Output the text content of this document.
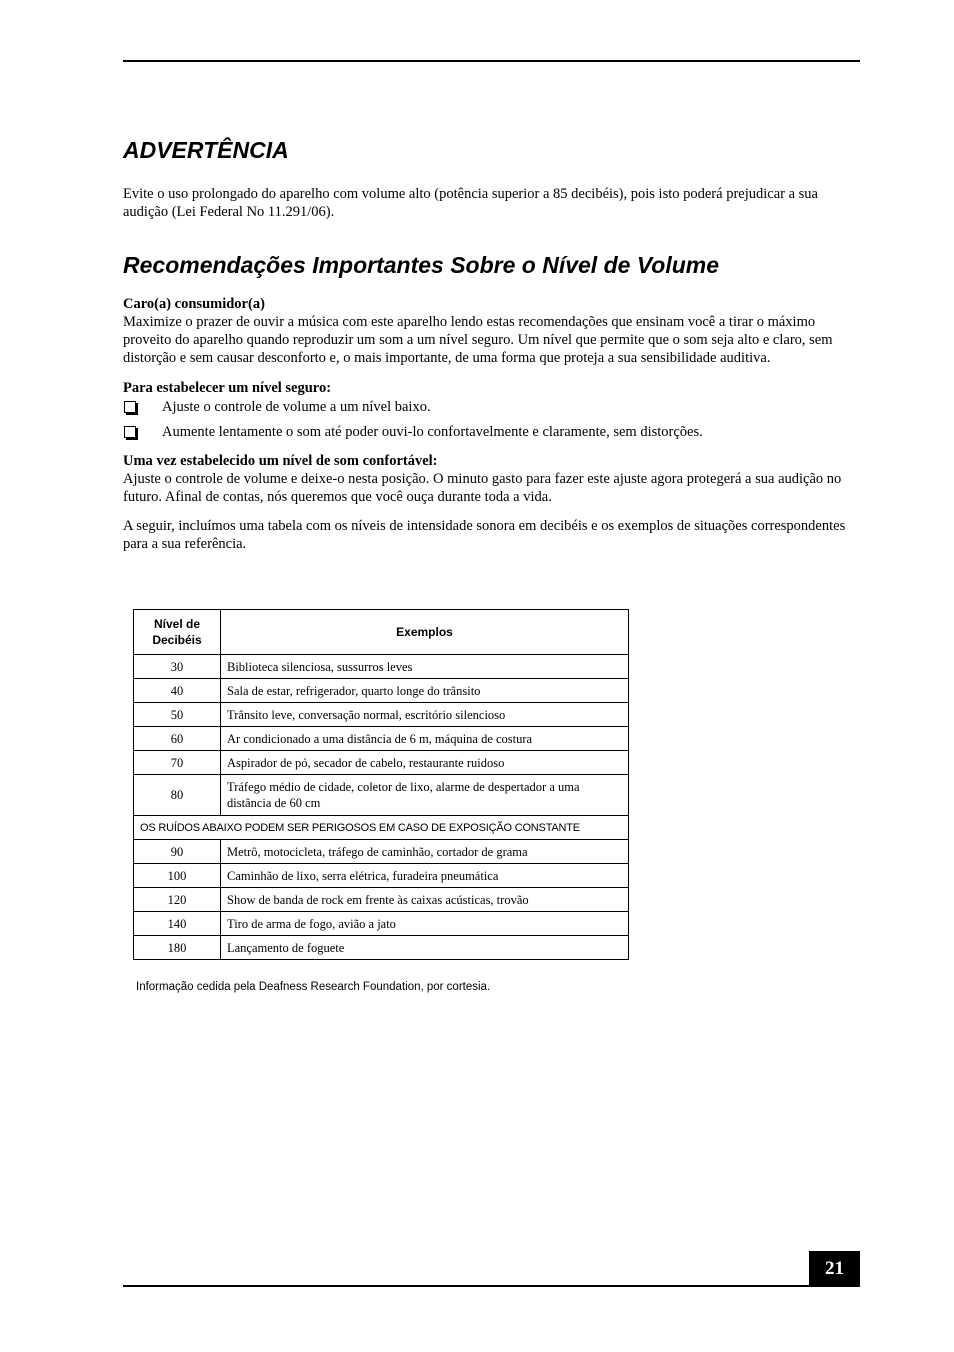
ADVERTÊNCIA

Evite o uso prolongado do aparelho com volume alto (potência superior a 85 decibéis), pois isto poderá prejudicar a sua audição (Lei Federal No 11.291/06).

Recomendações Importantes Sobre o Nível de Volume

Caro(a) consumidor(a)

Maximize o prazer de ouvir a música com este aparelho lendo estas recomendações que ensinam você a tirar o máximo proveito do aparelho quando reproduzir um som a um nível seguro. Um nível que permite que o som seja alto e claro, sem distorção e sem causar desconforto e, o mais importante, de uma forma que proteja a sua sensibilidade auditiva.

Para estabelecer um nível seguro:

Ajuste o controle de volume a um nível baixo.
Aumente lentamente o som até poder ouvi-lo confortavelmente e claramente, sem distorções.

Uma vez estabelecido um nível de som confortável:

Ajuste o controle de volume e deixe-o nesta posição. O minuto gasto para fazer este ajuste agora protegerá a sua audição no futuro. Afinal de contas, nós queremos que você ouça durante toda a vida.

A seguir, incluímos uma tabela com os níveis de intensidade sonora em decibéis e os exemplos de situações correspondentes para a sua referência.

Nível de Decibéis	Exemplos
30	Biblioteca silenciosa, sussurros leves
40	Sala de estar, refrigerador, quarto longe do trânsito
50	Trânsito leve, conversação normal, escritório silencioso
60	Ar condicionado a uma distância de 6 m, máquina de costura
70	Aspirador de pó, secador de cabelo, restaurante ruidoso
80	Tráfego médio de cidade, coletor de lixo, alarme de despertador a uma distância de 60 cm
OS RUÍDOS ABAIXO PODEM SER PERIGOSOS EM CASO DE EXPOSIÇÃO CONSTANTE	
90	Metrô, motocicleta, tráfego de caminhão, cortador de grama
100	Caminhão de lixo, serra elétrica, furadeira pneumática
120	Show de banda de rock em frente às caixas acústicas, trovão
140	Tiro de arma de fogo, avião a jato
180	Lançamento de foguete
Informação cedida pela Deafness Research Foundation, por cortesia.
21
